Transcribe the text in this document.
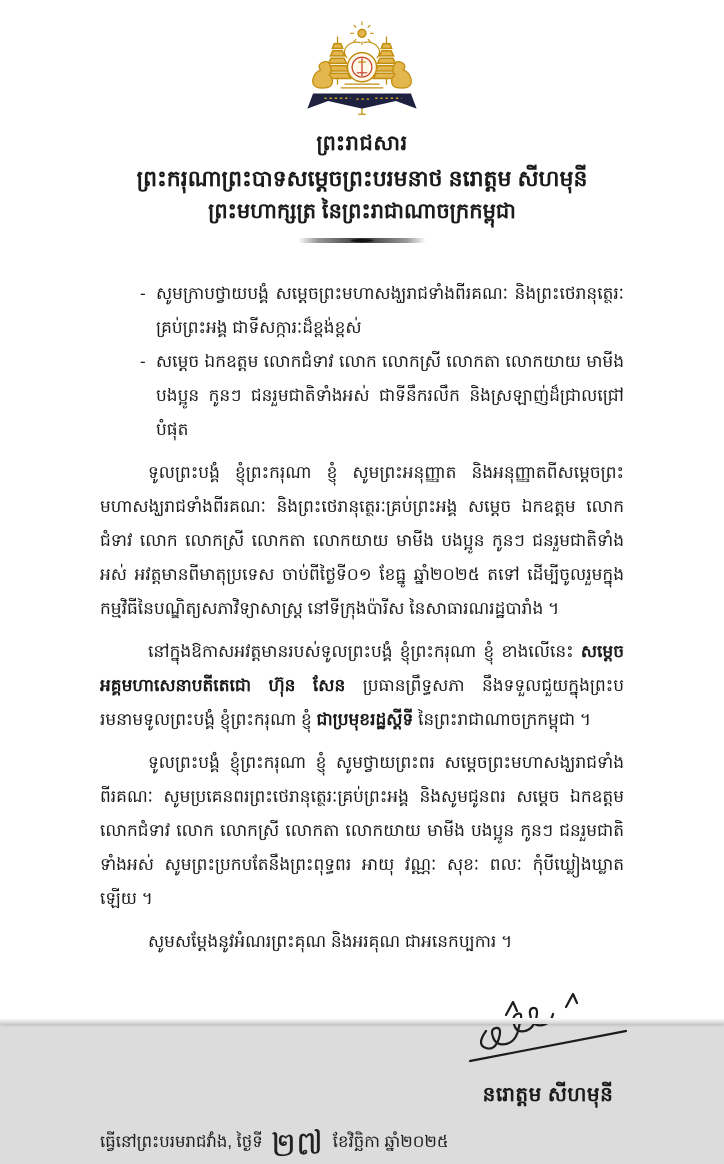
ព្រះរាជសារ
ព្រះករុណាព្រះបាទសម្តេចព្រះបរមនាថ នរោត្តម សីហមុនី
ព្រះមហាក្សត្រ នៃព្រះរាជាណាចក្រកម្ពុជា
- សូមក្រាបថ្វាយបង្គំ សម្តេចព្រះមហាសង្ឃរាជទាំងពីរគណៈ និងព្រះថេរានុត្ថេរៈគ្រប់ព្រះអង្គ ជាទីសក្ការៈដ៏ខ្ពង់ខ្ពស់
- សម្តេច ឯកឧត្តម លោកជំទាវ លោក លោកស្រី លោកតា លោកយាយ មាមីង បងប្អូន កូនៗ ជនរួមជាតិទាំងអស់ ជាទីនឹករលឹក និងស្រឡាញ់ដ៏ជ្រាលជ្រៅបំផុត

ទូលព្រះបង្គំ ខ្ញុំព្រះករុណា ខ្ញុំ សូមព្រះអនុញ្ញាត និងអនុញ្ញាតពីសម្តេចព្រះមហាសង្ឃរាជទាំងពីរគណៈ និងព្រះថេរានុត្ថេរៈគ្រប់ព្រះអង្គ សម្តេច ឯកឧត្តម លោកជំទាវ លោក លោកស្រី លោកតា លោកយាយ មាមីង បងប្អូន កូនៗ ជនរួមជាតិទាំងអស់ អវត្តមានពីមាតុប្រទេស ចាប់ពីថ្ងៃទី០១ ខែធ្នូ ឆ្នាំ២០២៥ តទៅ ដើម្បីចូលរួមក្នុងកម្មវិធីនៃបណ្ឌិត្យសភាវិទ្យាសាស្ត្រ នៅទីក្រុងប៉ារីស នៃសាធារណរដ្ឋបារាំង ។

នៅក្នុងឱកាសអវត្តមានរបស់ទូលព្រះបង្គំ ខ្ញុំព្រះករុណា ខ្ញុំ ខាងលើនេះ សម្តេចអគ្គមហាសេនាបតីតេជោ ហ៊ុន សែន ប្រធានព្រឹទ្ធសភា នឹងទទួលជួយក្នុងព្រះបរមនាមទូលព្រះបង្គំ ខ្ញុំព្រះករុណា ខ្ញុំ ជាប្រមុខរដ្ឋស្តីទី នៃព្រះរាជាណាចក្រកម្ពុជា ។

ទូលព្រះបង្គំ ខ្ញុំព្រះករុណា ខ្ញុំ សូមថ្វាយព្រះពរ សម្តេចព្រះមហាសង្ឃរាជទាំងពីរគណៈ សូមប្រគេនពរព្រះថេរានុត្ថេរៈគ្រប់ព្រះអង្គ និងសូមជូនពរ សម្តេច ឯកឧត្តម លោកជំទាវ លោក លោកស្រី លោកតា លោកយាយ មាមីង បងប្អូន កូនៗ ជនរួមជាតិទាំងអស់ សូមព្រះប្រកបតែនឹងព្រះពុទ្ធពរ អាយុ វណ្ណៈ សុខៈ ពលៈ កុំបីឃ្លៀងឃ្លាតឡើយ ។

សូមសម្តែងនូវអំណរព្រះគុណ និងអរគុណ ជាអនេកប្បការ ។

នរោត្តម សីហមុនី
ធ្វើនៅព្រះបរមរាជវាំង, ថ្ងៃទី ២៧ ខែវិច្ឆិកា ឆ្នាំ២០២៥
